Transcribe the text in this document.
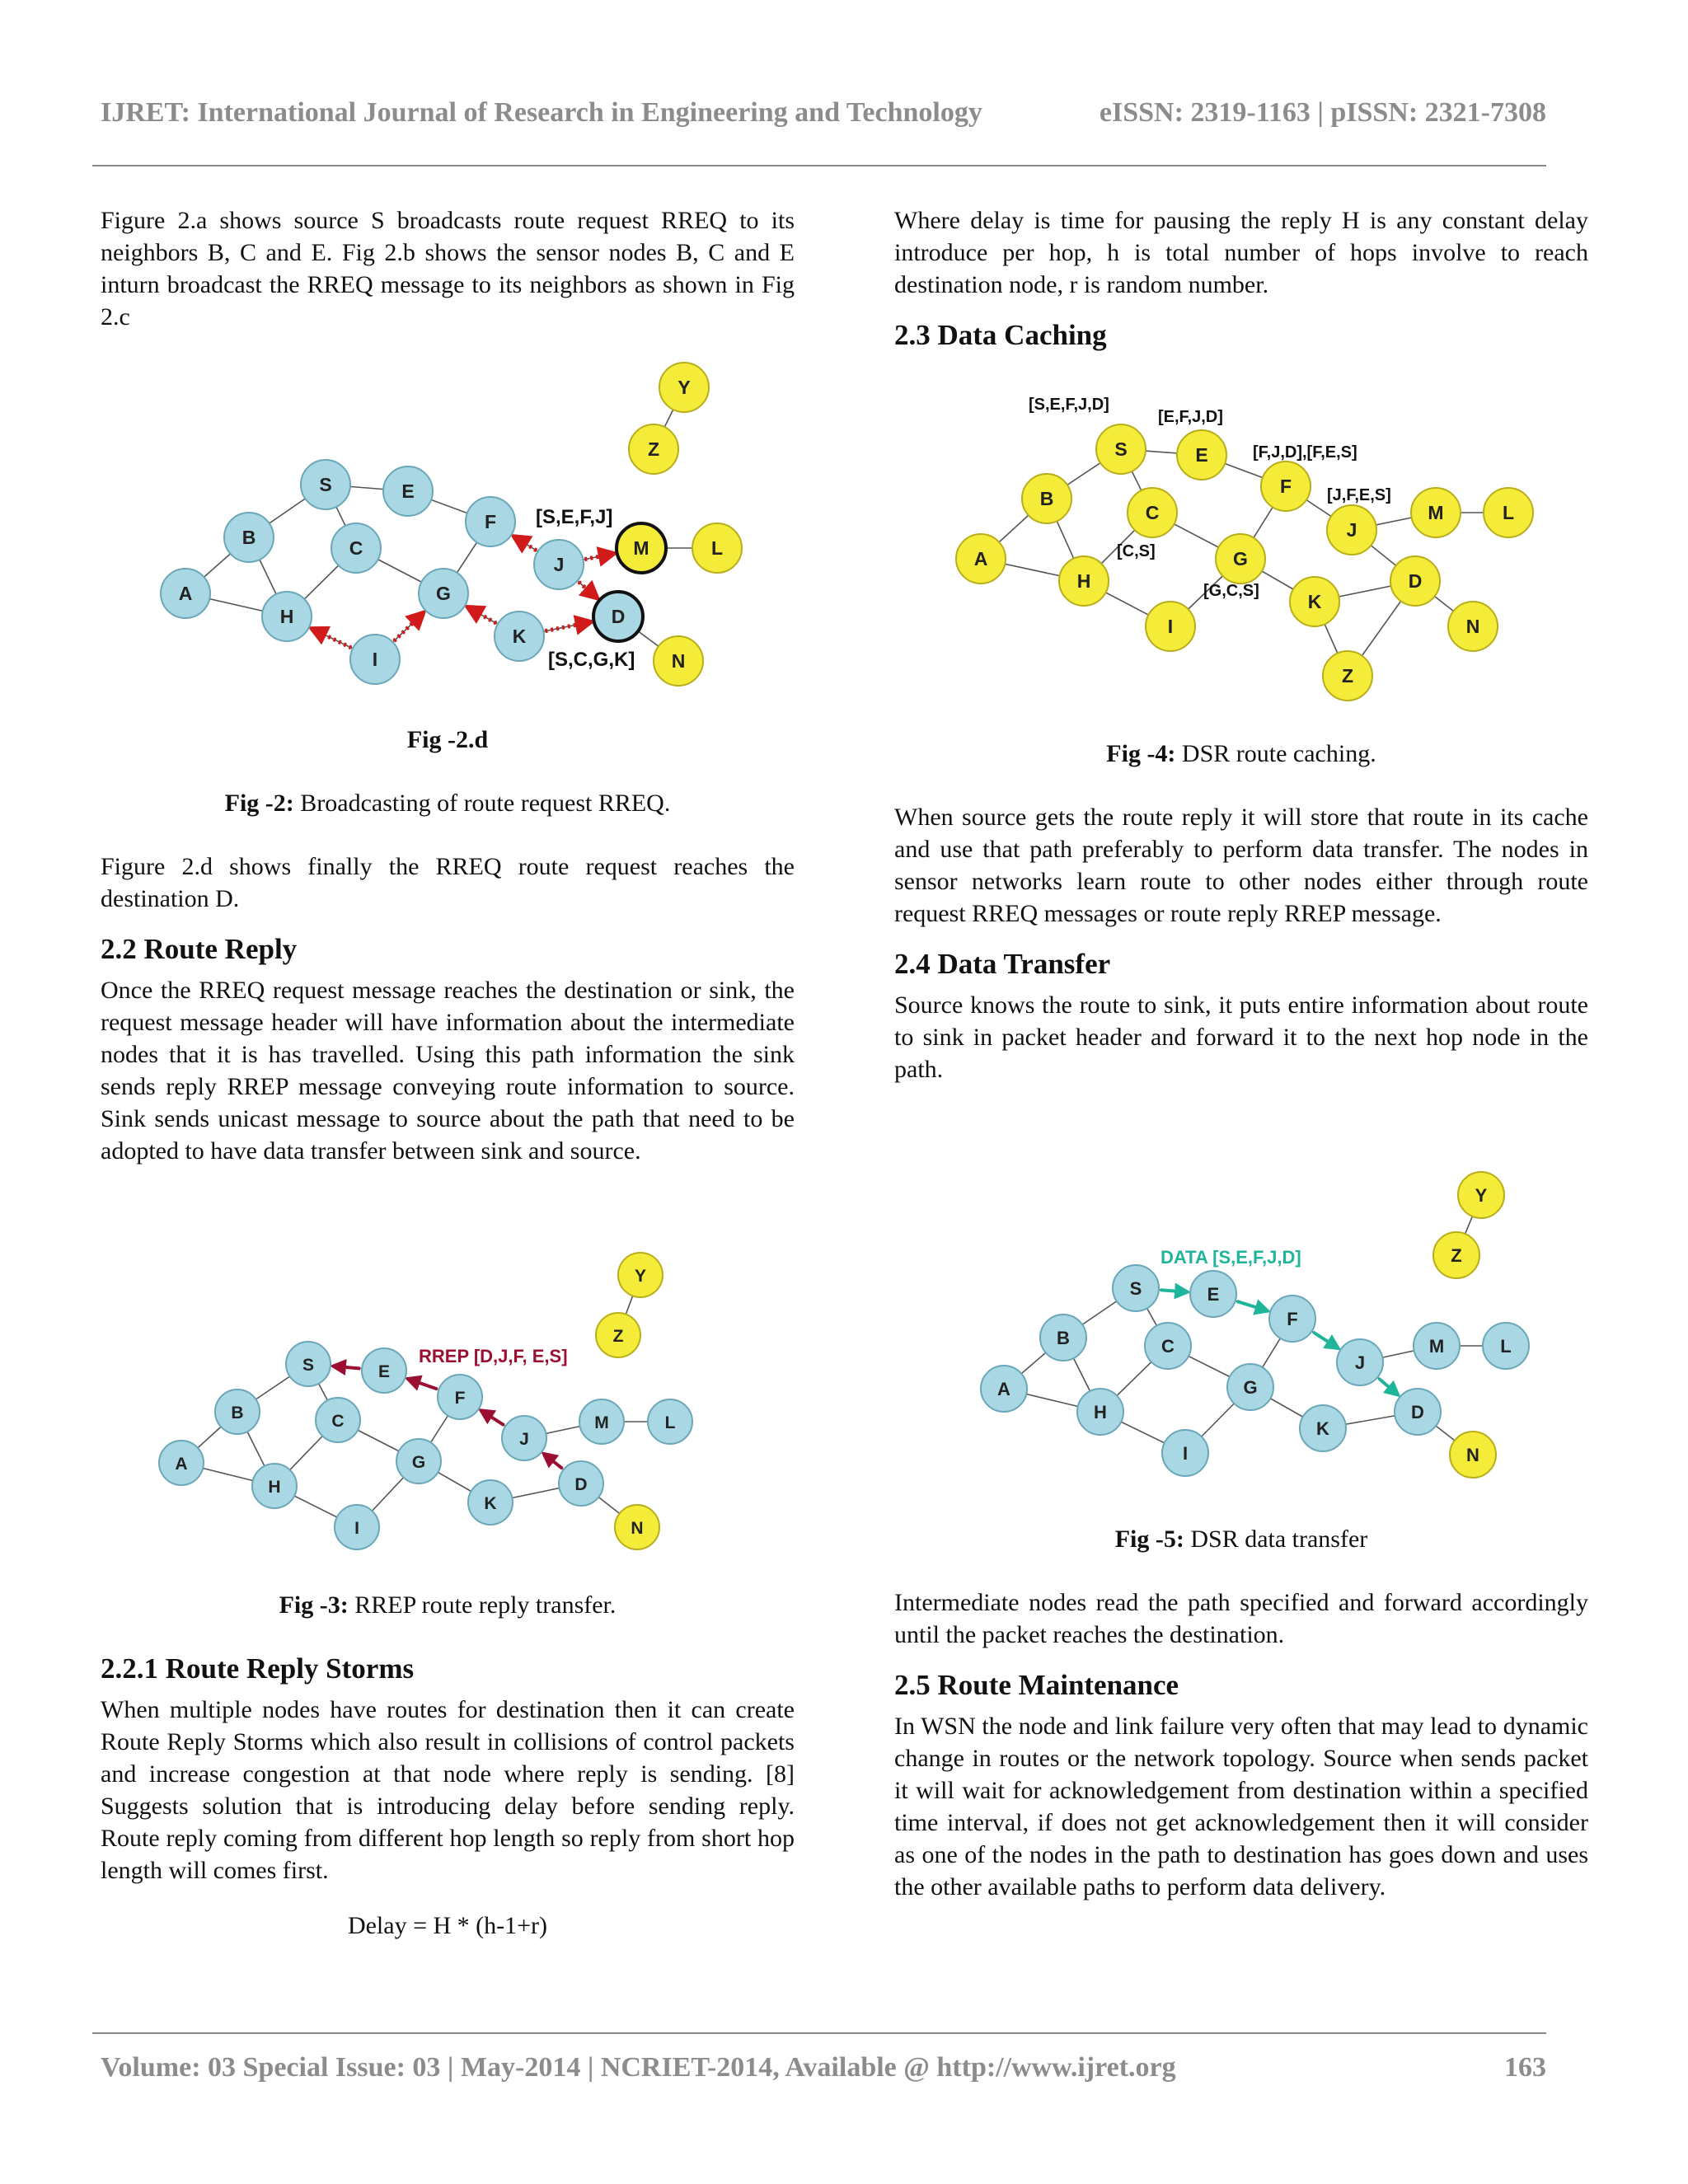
IJRET: International Journal of Research in Engineering and Technology	eISSN: 2319-1163 | pISSN: 2321-7308

Figure 2.a shows source S broadcasts route request RREQ to its neighbors B, C and E. Fig 2.b shows the sensor nodes B, C and E inturn broadcast the RREQ message to its neighbors as shown in Fig 2.c

A
B
S	E
C
H
I
G
F
J
K
D
M	L
N
Z
Y
[S,E,F,J]
[S,C,G,K]
Fig -2.d
Fig -2: Broadcasting of route request RREQ.

Figure 2.d shows finally the RREQ route request reaches the destination D.

2.2 Route Reply

Once the RREQ request message reaches the destination or sink, the request message header will have information about the intermediate nodes that it is has travelled. Using this path information the sink sends reply RREP message conveying route information to source. Sink sends unicast message to source about the path that need to be adopted to have data transfer between sink and source.

A
B
S	E
C
H
I
G
F
J
K
D
M	L
N
Z
Y
RREP [D,J,F, E,S]
Fig -3: RREP route reply transfer.
2.2.1 Route Reply Storms

When multiple nodes have routes for destination then it can create Route Reply Storms which also result in collisions of control packets and increase congestion at that node where reply is sending. [8] Suggests solution that is introducing delay before sending reply. Route reply coming from different hop length so reply from short hop length will comes first.

Delay = H * (h-1+r)

Where delay is time for pausing the reply H is any constant delay introduce per hop, h is total number of hops involve to reach destination node, r is random number.

2.3 Data Caching
A
B
S	E
C
H
I
G
F
J
K
D
M	L
N
Z
[S,E,F,J,D]
[E,F,J,D]
[F,J,D],[F,E,S]
[J,F,E,S]
[C,S]
[G,C,S]
Fig -4: DSR route caching.

When source gets the route reply it will store that route in its cache and use that path preferably to perform data transfer. The nodes in sensor networks learn route to other nodes either through route request RREQ messages or route reply RREP message.

2.4 Data Transfer

Source knows the route to sink, it puts entire information about route to sink in packet header and forward it to the next hop node in the path.

A
B
S	E
C
H
I
G
F
J
K
D
M	L
N
Z
Y
DATA [S,E,F,J,D]
Fig -5: DSR data transfer

Intermediate nodes read the path specified and forward accordingly until the packet reaches the destination.

2.5 Route Maintenance

In WSN the node and link failure very often that may lead to dynamic change in routes or the network topology. Source when sends packet it will wait for acknowledgement from destination within a specified time interval, if does not get acknowledgement then it will consider as one of the nodes in the path to destination has goes down and uses the other available paths to perform data delivery.

Volume: 03 Special Issue: 03 | May-2014 | NCRIET-2014, Available @ http://www.ijret.org	163
